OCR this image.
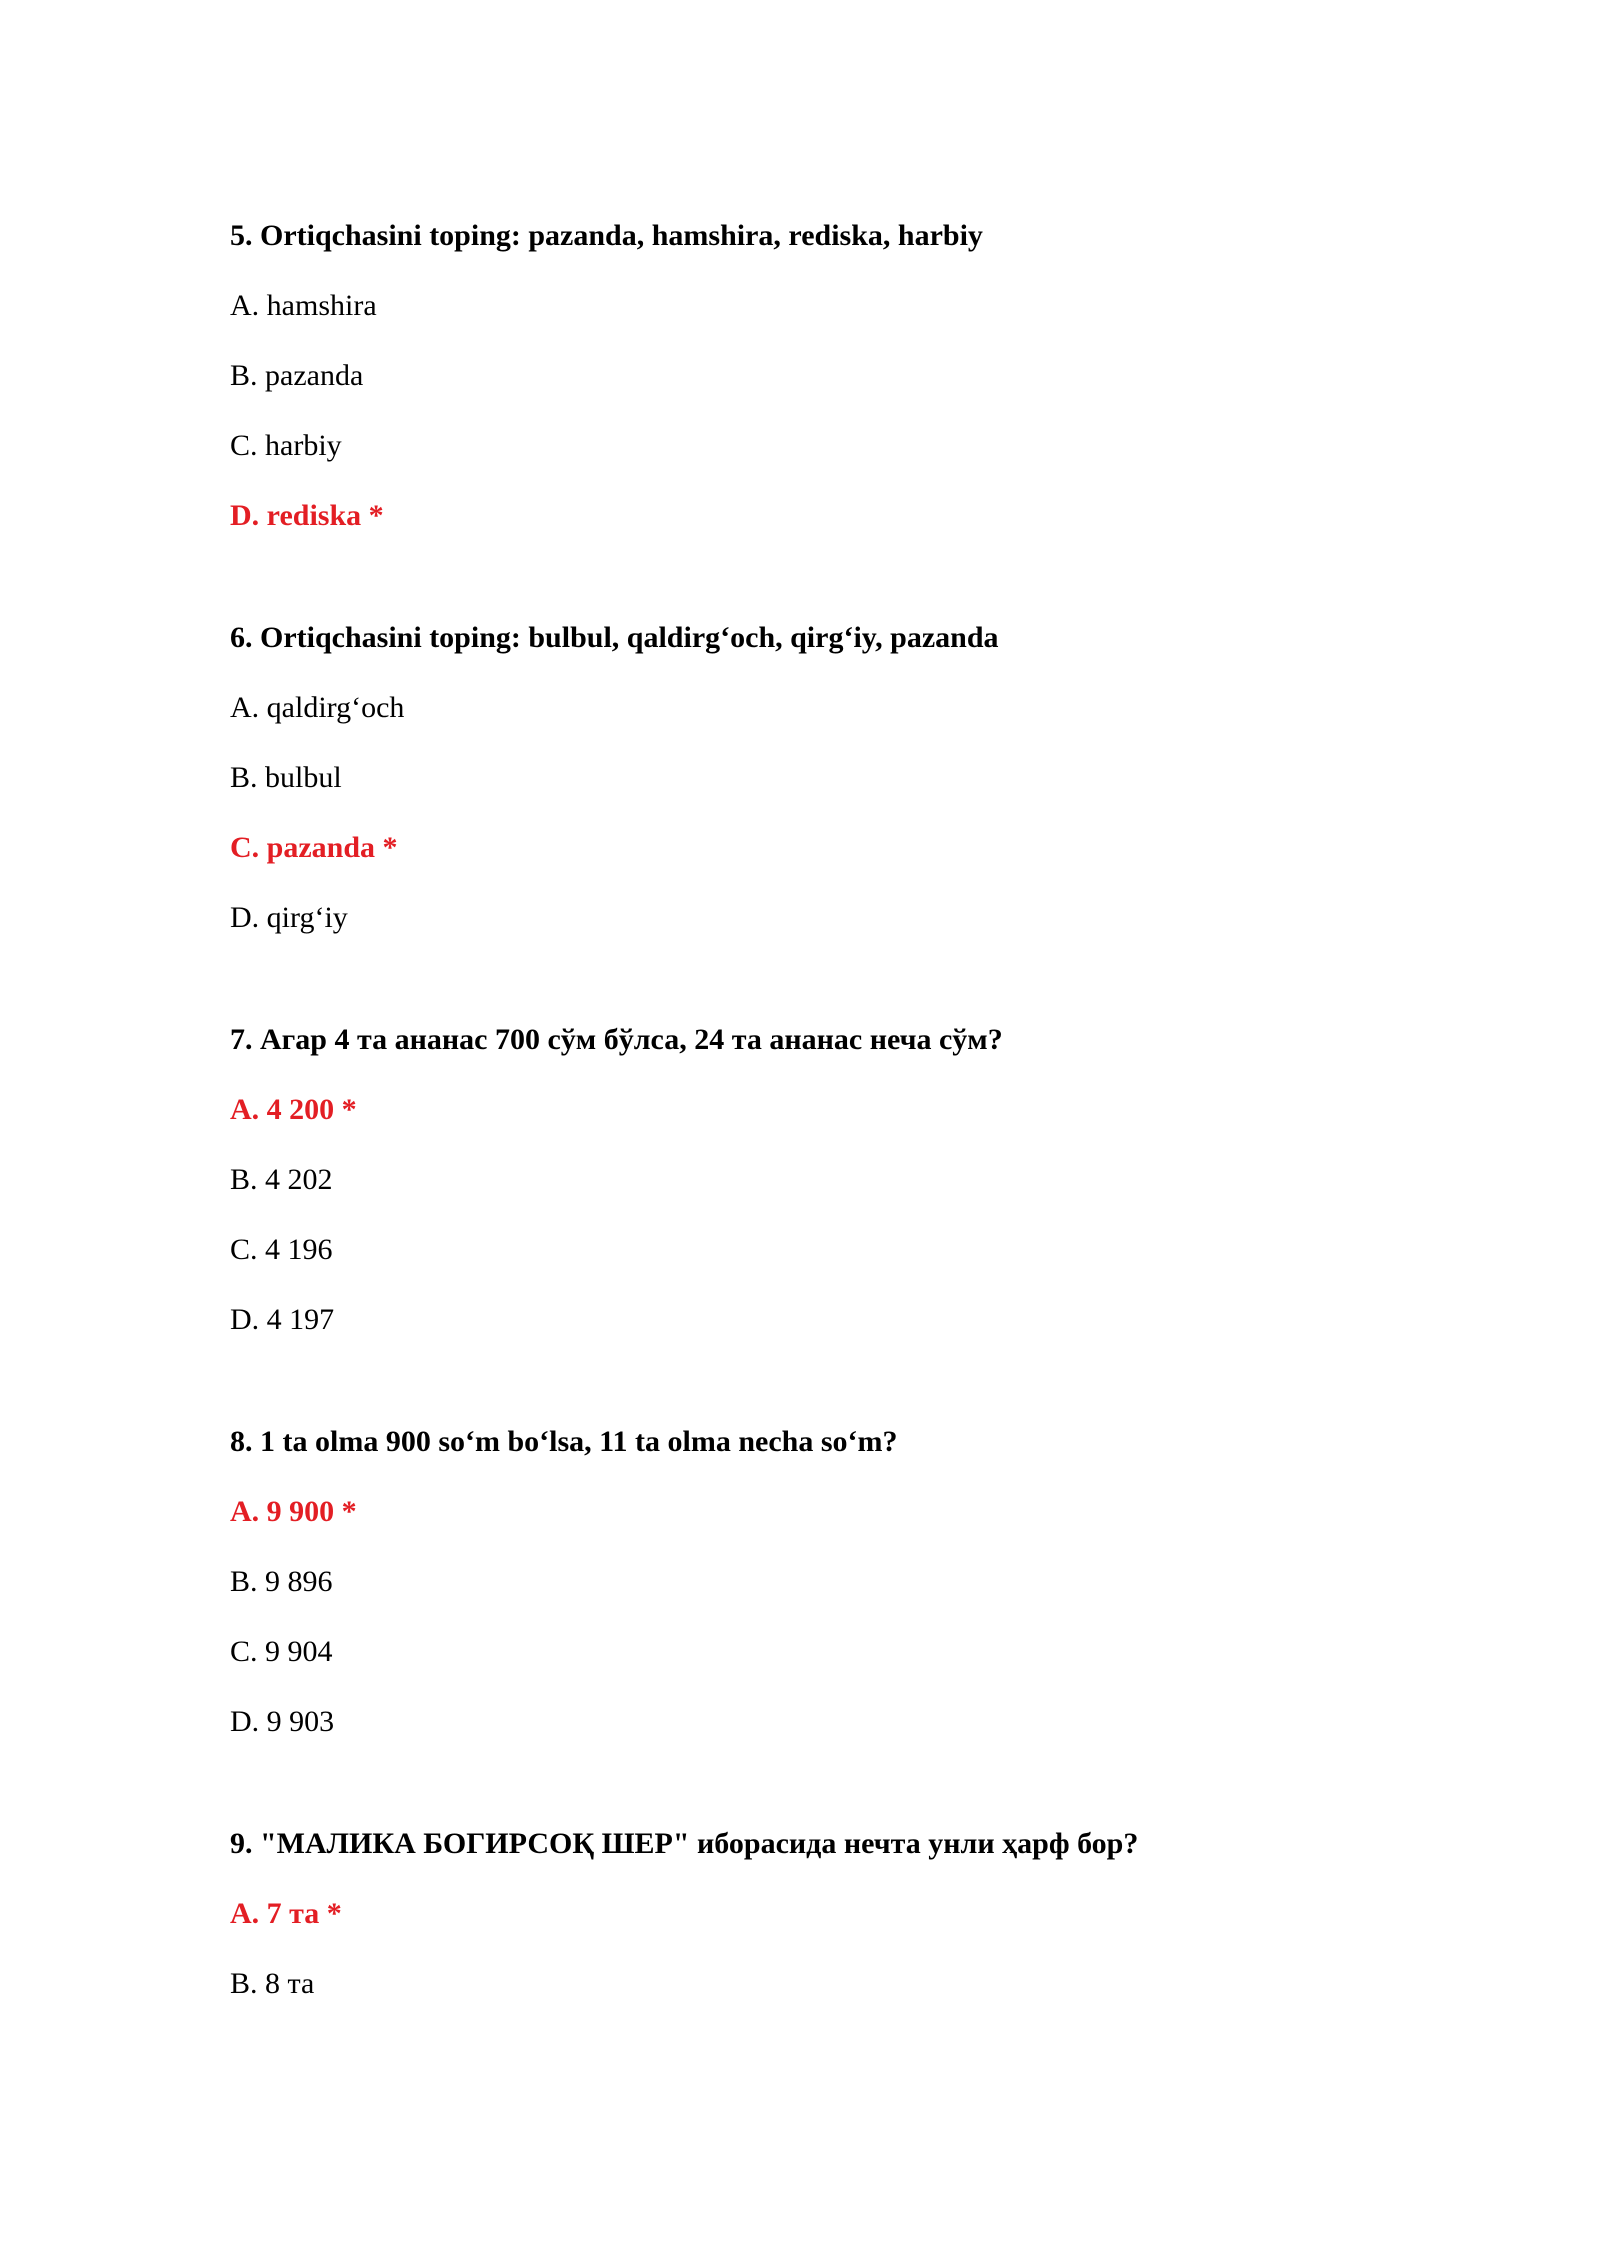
5. Ortiqchasini toping: pazanda, hamshira, rediska, harbiy
A. hamshira
B. pazanda
C. harbiy
D. rediska *
6. Ortiqchasini toping: bulbul, qaldirg‘och, qirg‘iy, pazanda
A. qaldirg‘och
B. bulbul
C. pazanda *
D. qirg‘iy
7. Агар 4 та ананас 700 сўм бўлса, 24 та ананас неча сўм?
A. 4 200 *
B. 4 202
C. 4 196
D. 4 197
8. 1 ta olma 900 so‘m bo‘lsa, 11 ta olma necha so‘m?
A. 9 900 *
B. 9 896
C. 9 904
D. 9 903
9. "МАЛИКА БОГИРСОҚ ШЕР" иборасида нечта унли ҳарф бор?
A. 7 та *
B. 8 та
